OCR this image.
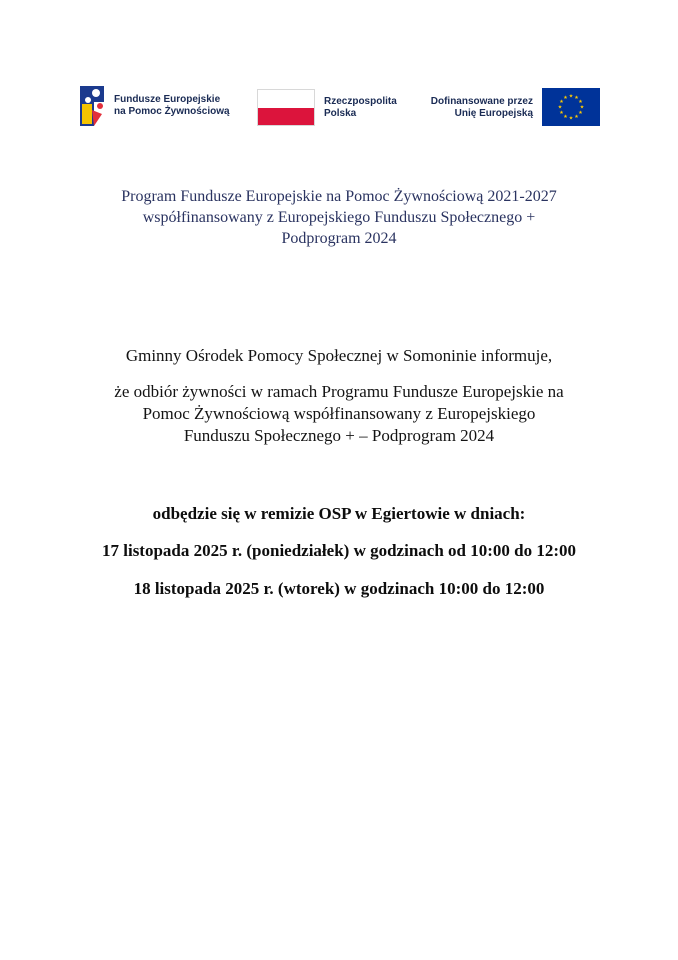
Fundusze Europejskie
na Pomoc Żywnościową
Rzeczpospolita
Polska
Dofinansowane przez
Unię Europejską
★ ★
★
★
★
★
★
★
★
★
★
★
Program Fundusze Europejskie na Pomoc Żywnościową 2021-2027
współfinansowany z Europejskiego Funduszu Społecznego +
Podprogram 2024
Gminny Ośrodek Pomocy Społecznej w Somoninie informuje,
że odbiór żywności w ramach Programu Fundusze Europejskie na
Pomoc Żywnościową współfinansowany z Europejskiego
Funduszu Społecznego + – Podprogram 2024
odbędzie się w remizie OSP w Egiertowie w dniach:
17 listopada 2025 r. (poniedziałek) w godzinach od 10:00 do 12:00
18 listopada 2025 r. (wtorek) w godzinach 10:00 do 12:00
